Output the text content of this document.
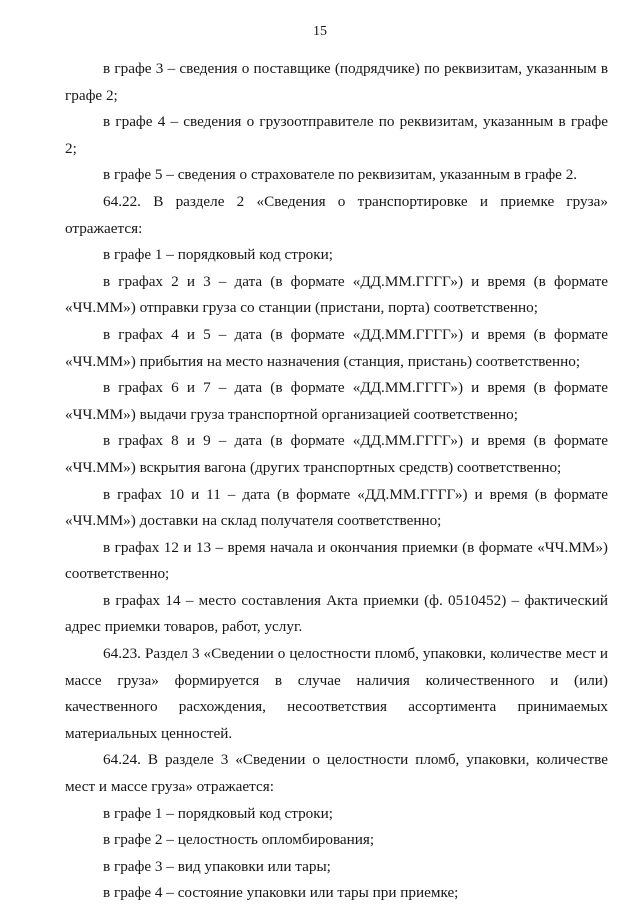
15

в графе 3 – сведения о поставщике (подрядчике) по реквизитам, указанным в графе 2;

в графе 4 – сведения о грузоотправителе по реквизитам, указанным в графе 2;

в графе 5 – сведения о страхователе по реквизитам, указанным в графе 2.

64.22. В разделе 2 «Сведения о транспортировке и приемке груза» отражается:

в графе 1 – порядковый код строки;

в графах 2 и 3 – дата (в формате «ДД.ММ.ГГГГ») и время (в формате «ЧЧ.ММ») отправки груза со станции (пристани, порта) соответственно;

в графах 4 и 5 – дата (в формате «ДД.ММ.ГГГГ») и время (в формате «ЧЧ.ММ») прибытия на место назначения (станция, пристань) соответственно;

в графах 6 и 7 – дата (в формате «ДД.ММ.ГГГГ») и время (в формате «ЧЧ.ММ») выдачи груза транспортной организацией соответственно;

в графах 8 и 9 – дата (в формате «ДД.ММ.ГГГГ») и время (в формате «ЧЧ.ММ») вскрытия вагона (других транспортных средств) соответственно;

в графах 10 и 11 – дата (в формате «ДД.ММ.ГГГГ») и время (в формате «ЧЧ.ММ») доставки на склад получателя соответственно;

в графах 12 и 13 – время начала и окончания приемки (в формате «ЧЧ.ММ») соответственно;

в графах 14 – место составления Акта приемки (ф. 0510452) – фактический адрес приемки товаров, работ, услуг.

64.23. Раздел 3 «Сведении о целостности пломб, упаковки, количестве мест и массе груза» формируется в случае наличия количественного и (или) качественного расхождения, несоответствия ассортимента принимаемых материальных ценностей.

64.24. В разделе 3 «Сведении о целостности пломб, упаковки, количестве мест и массе груза» отражается:

в графе 1 – порядковый код строки;

в графе 2 – целостность опломбирования;

в графе 3 – вид упаковки или тары;

в графе 4 – состояние упаковки или тары при приемке;
